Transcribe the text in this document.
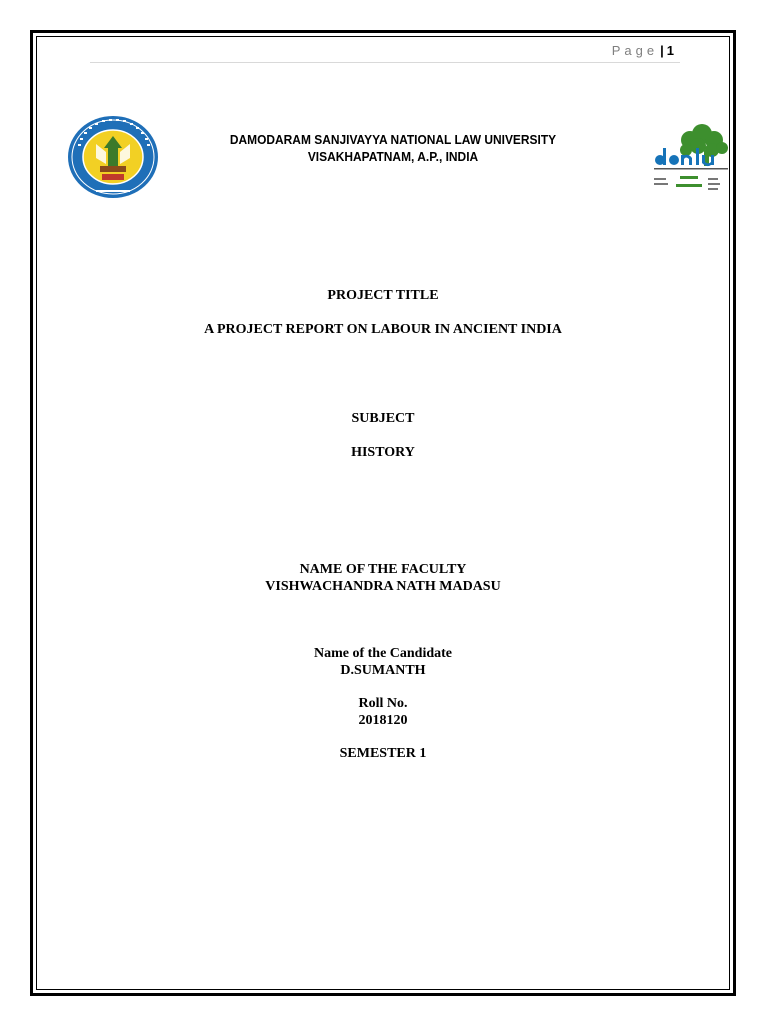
Page | 1
DAMODARAM SANJIVAYYA NATIONAL LAW UNIVERSITY
VISAKHAPATNAM, A.P., INDIA
PROJECT TITLE
A PROJECT REPORT ON LABOUR IN ANCIENT INDIA
SUBJECT
HISTORY
NAME OF THE FACULTY
VISHWACHANDRA NATH MADASU
Name of the Candidate
D.SUMANTH
Roll No.
2018120
SEMESTER 1
